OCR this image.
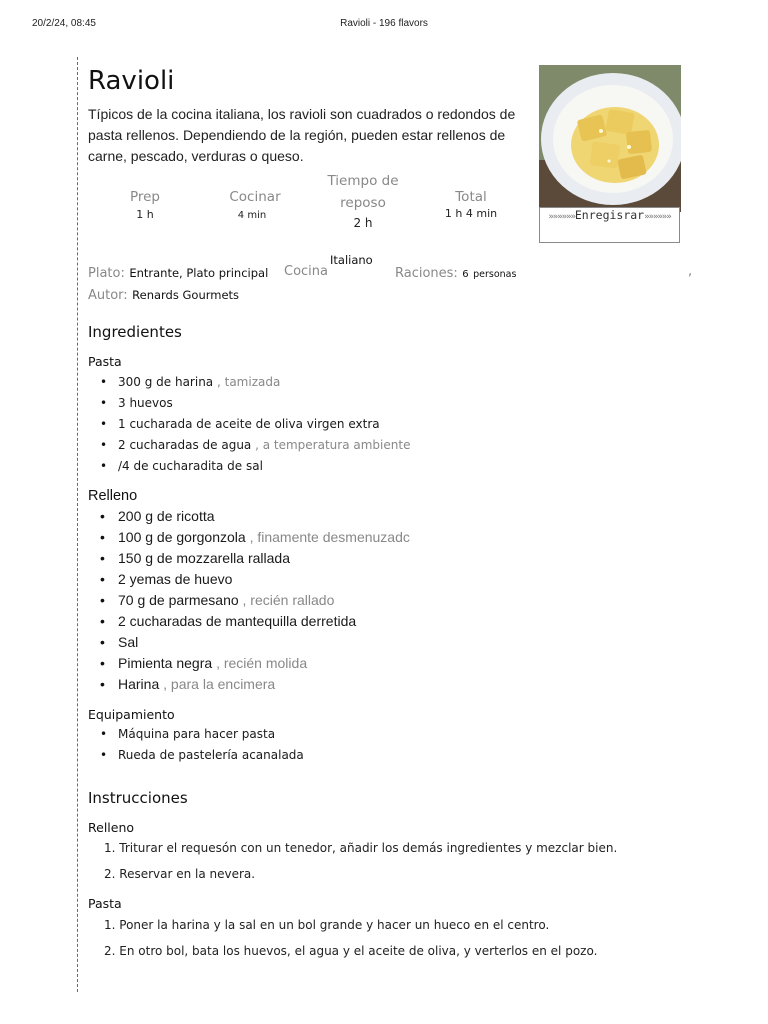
20/2/24, 08:45	Ravioli - 196 flavors
Ravioli
Típicos de la cocina italiana, los ravioli son cuadrados o redondos de pasta rellenos. Dependiendo de la región, pueden estar rellenos de carne, pescado, verduras o queso.
»»»»»»Enregisrar»»»»»»
Prep
1 h
Cocinar
4 min
Tiempo de
reposo
2 h
Total
1 h 4 min
Plato: Entrante, Plato principal Cocina
Italiano
Raciones: 6 personas	,
Autor: Renards Gourmets
Ingredientes
Pasta
• 300 g de harina , tamizada
• 3 huevos
• 1 cucharada de aceite de oliva virgen extra
• 2 cucharadas de agua , a temperatura ambiente
• /4 de cucharadita de sal
Relleno
• 200 g de ricotta
• 100 g de gorgonzola , finamente desmenuzadc
• 150 g de mozzarella rallada
• 2 yemas de huevo
• 70 g de parmesano , recién rallado
• 2 cucharadas de mantequilla derretida
• Sal
• Pimienta negra , recién molida
• Harina , para la encimera
Equipamiento
• Máquina para hacer pasta
• Rueda de pastelería acanalada
Instrucciones
Relleno
1. Triturar el requesón con un tenedor, añadir los demás ingredientes y mezclar bien.
2. Reservar en la nevera.
Pasta
1. Poner la harina y la sal en un bol grande y hacer un hueco en el centro.
2. En otro bol, bata los huevos, el agua y el aceite de oliva, y verterlos en el pozo.
